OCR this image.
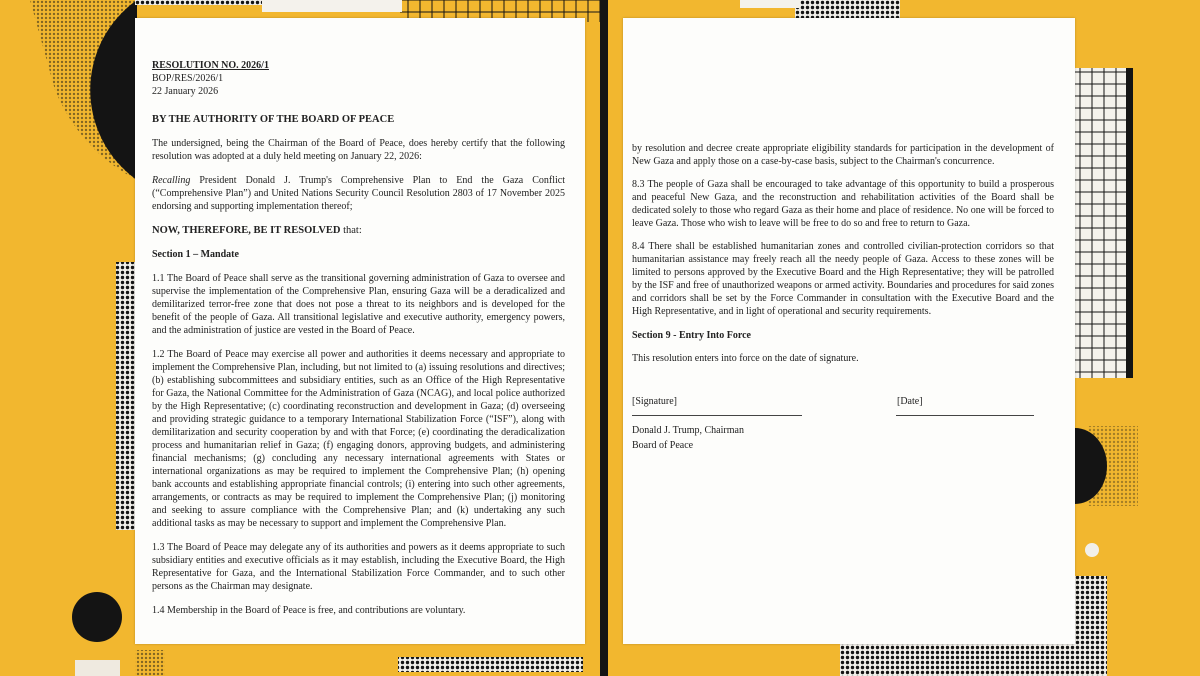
RESOLUTION NO. 2026/1
BOP/RES/2026/1
22 January 2026
BY THE AUTHORITY OF THE BOARD OF PEACE

The undersigned, being the Chairman of the Board of Peace, does hereby certify that the following resolution was adopted at a duly held meeting on January 22, 2026:

Recalling President Donald J. Trump's Comprehensive Plan to End the Gaza Conflict (“Comprehensive Plan”) and United Nations Security Council Resolution 2803 of 17 November 2025 endorsing and supporting implementation thereof;

NOW, THEREFORE, BE IT RESOLVED that:

Section 1 – Mandate

1.1 The Board of Peace shall serve as the transitional governing administration of Gaza to oversee and supervise the implementation of the Comprehensive Plan, ensuring Gaza will be a deradicalized and demilitarized terror-free zone that does not pose a threat to its neighbors and is developed for the benefit of the people of Gaza. All transitional legislative and executive authority, emergency powers, and the administration of justice are vested in the Board of Peace.

1.2 The Board of Peace may exercise all power and authorities it deems necessary and appropriate to implement the Comprehensive Plan, including, but not limited to (a) issuing resolutions and directives; (b) establishing subcommittees and subsidiary entities, such as an Office of the High Representative for Gaza, the National Committee for the Administration of Gaza (NCAG), and local police authorized by the High Representative; (c) coordinating reconstruction and development in Gaza; (d) overseeing and providing strategic guidance to a temporary International Stabilization Force (“ISF”), along with demilitarization and security cooperation by and with that Force; (e) coordinating the deradicalization process and humanitarian relief in Gaza; (f) engaging donors, approving budgets, and administering financial mechanisms; (g) concluding any necessary international agreements with States or international organizations as may be required to implement the Comprehensive Plan; (h) opening bank accounts and establishing appropriate financial controls; (i) entering into such other agreements, arrangements, or contracts as may be required to implement the Comprehensive Plan; (j) monitoring and seeking to assure compliance with the Comprehensive Plan; and (k) undertaking any such additional tasks as may be necessary to support and implement the Comprehensive Plan.

1.3 The Board of Peace may delegate any of its authorities and powers as it deems appropriate to such subsidiary entities and executive officials as it may establish, including the Executive Board, the High Representative for Gaza, and the International Stabilization Force Commander, and to such other persons as the Chairman may designate.

1.4 Membership in the Board of Peace is free, and contributions are voluntary.

by resolution and decree create appropriate eligibility standards for participation in the development of New Gaza and apply those on a case-by-case basis, subject to the Chairman's concurrence.

8.3 The people of Gaza shall be encouraged to take advantage of this opportunity to build a prosperous and peaceful New Gaza, and the reconstruction and rehabilitation activities of the Board shall be dedicated solely to those who regard Gaza as their home and place of residence. No one will be forced to leave Gaza. Those who wish to leave will be free to do so and free to return to Gaza.

8.4 There shall be established humanitarian zones and controlled civilian-protection corridors so that humanitarian assistance may freely reach all the needy people of Gaza. Access to these zones will be limited to persons approved by the Executive Board and the High Representative; they will be patrolled by the ISF and free of unauthorized weapons or armed activity. Boundaries and procedures for said zones and corridors shall be set by the Force Commander in consultation with the Executive Board and the High Representative, and in light of operational and security requirements.

Section 9 - Entry Into Force

This resolution enters into force on the date of signature.

[Signature]	[Date]
Donald J. Trump, Chairman
Board of Peace
